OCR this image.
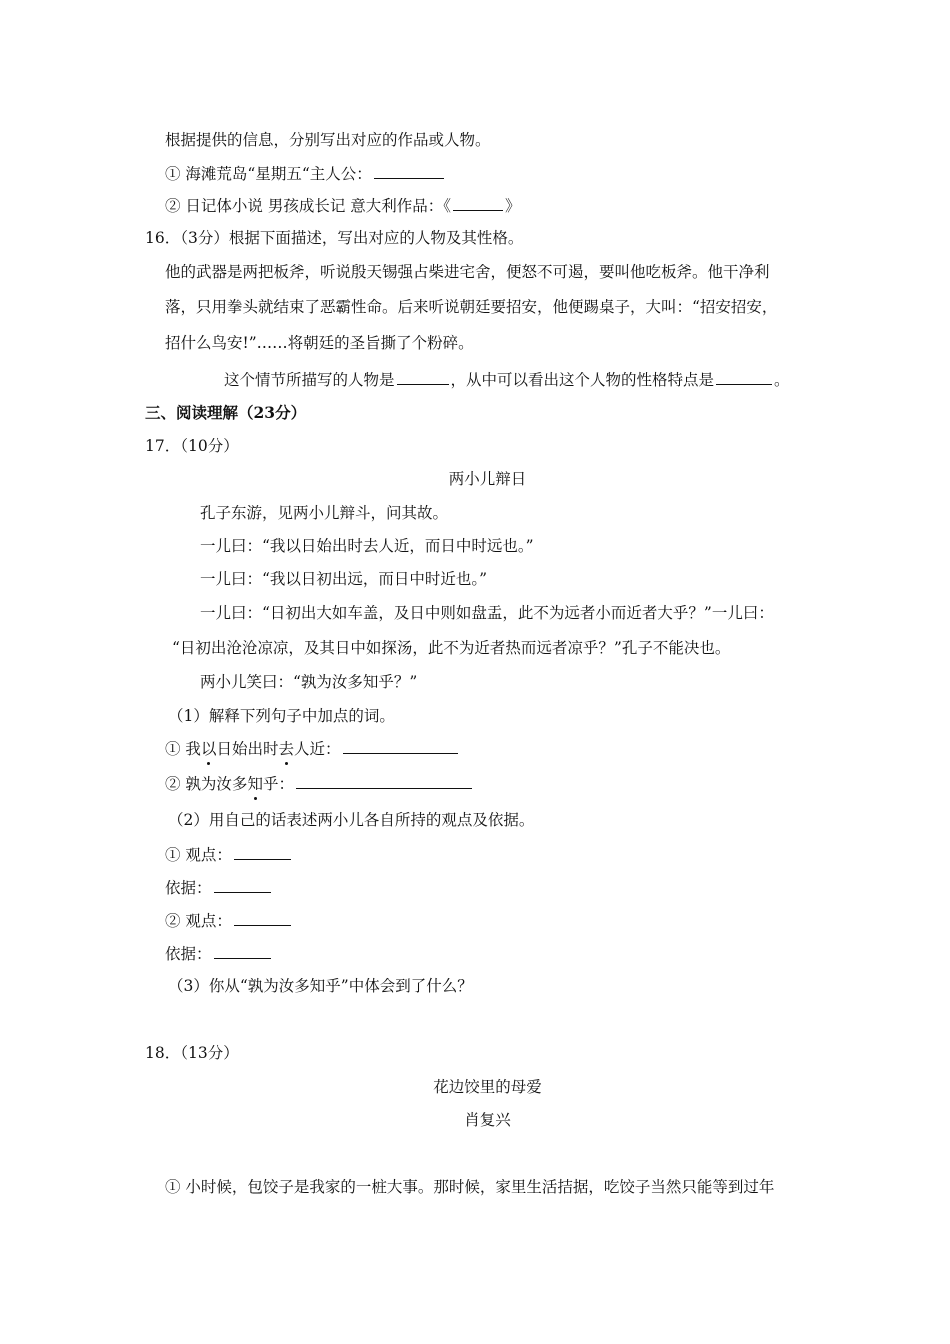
根据提供的信息，分别写出对应的作品或人物。
① 海滩荒岛“星期五“主人公：
② 日记体小说 男孩成长记 意大利作品：《	》
16．（3分）根据下面描述，写出对应的人物及其性格。
他的武器是两把板斧，听说殷天锡强占柴进宅舍，便怒不可遏，要叫他吃板斧。他干净利
落，只用拳头就结束了恶霸性命。后来听说朝廷要招安，他便踢桌子，大叫：“招安招安，
招什么鸟安!”……将朝廷的圣旨撕了个粉碎。
这个情节所描写的人物是	，从中可以看出这个人物的性格特点是	。
三、阅读理解（23分）
17．（10分）
两小儿辩日
孔子东游，见两小儿辩斗，问其故。
一儿曰：“我以日始出时去人近，而日中时远也。”
一儿曰：“我以日初出远，而日中时近也。”
一儿曰：“日初出大如车盖，及日中则如盘盂，此不为远者小而近者大乎？”一儿曰：
“日初出沧沧凉凉，及其日中如探汤，此不为近者热而远者凉乎？”孔子不能决也。
两小儿笑曰：“孰为汝多知乎？”
（1）解释下列句子中加点的词。
① 我以日始出时去人近：
② 孰为汝多知乎：
（2）用自己的话表述两小儿各自所持的观点及依据。
① 观点：
依据：
② 观点：
依据：
（3）你从“孰为汝多知乎”中体会到了什么？
18．（13分）
花边饺里的母爱
肖复兴
① 小时候，包饺子是我家的一桩大事。那时候，家里生活拮据，吃饺子当然只能等到过年
